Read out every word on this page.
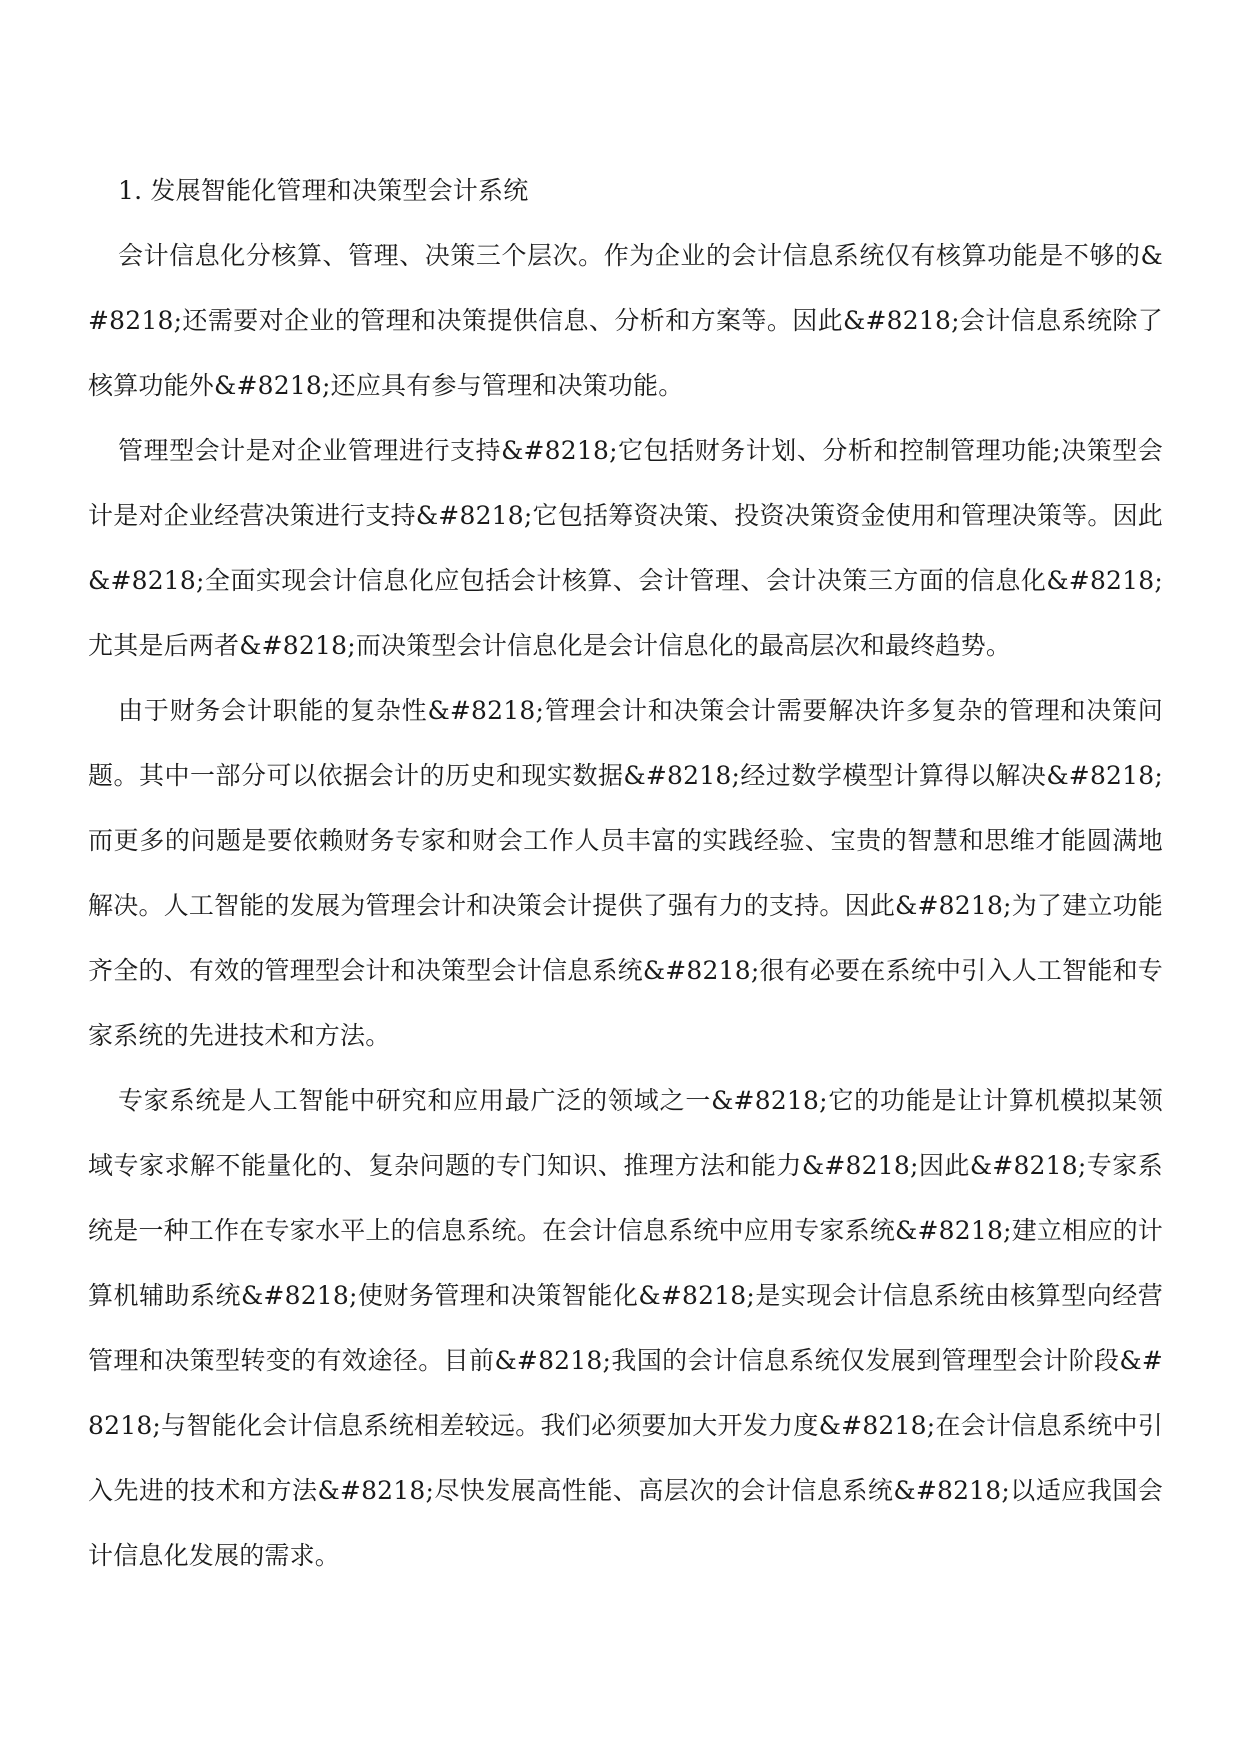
1. 发展智能化管理和决策型会计系统

会计信息化分核算、管理、决策三个层次。作为企业的会计信息系统仅有核算功能是不够的&#8218;还需要对企业的管理和决策提供信息、分析和方案等。因此&#8218;会计信息系统除了核算功能外&#8218;还应具有参与管理和决策功能。

管理型会计是对企业管理进行支持&#8218;它包括财务计划、分析和控制管理功能;决策型会计是对企业经营决策进行支持&#8218;它包括筹资决策、投资决策资金使用和管理决策等。因此&#8218;全面实现会计信息化应包括会计核算、会计管理、会计决策三方面的信息化&#8218;尤其是后两者&#8218;而决策型会计信息化是会计信息化的最高层次和最终趋势。

由于财务会计职能的复杂性&#8218;管理会计和决策会计需要解决许多复杂的管理和决策问题。其中一部分可以依据会计的历史和现实数据&#8218;经过数学模型计算得以解决&#8218;而更多的问题是要依赖财务专家和财会工作人员丰富的实践经验、宝贵的智慧和思维才能圆满地解决。人工智能的发展为管理会计和决策会计提供了强有力的支持。因此&#8218;为了建立功能齐全的、有效的管理型会计和决策型会计信息系统&#8218;很有必要在系统中引入人工智能和专家系统的先进技术和方法。

专家系统是人工智能中研究和应用最广泛的领域之一&#8218;它的功能是让计算机模拟某领域专家求解不能量化的、复杂问题的专门知识、推理方法和能力&#8218;因此&#8218;专家系统是一种工作在专家水平上的信息系统。在会计信息系统中应用专家系统&#8218;建立相应的计算机辅助系统&#8218;使财务管理和决策智能化&#8218;是实现会计信息系统由核算型向经营管理和决策型转变的有效途径。目前&#8218;我国的会计信息系统仅发展到管理型会计阶段&#8218;与智能化会计信息系统相差较远。我们必须要加大开发力度&#8218;在会计信息系统中引入先进的技术和方法&#8218;尽快发展高性能、高层次的会计信息系统&#8218;以适应我国会计信息化发展的需求。
